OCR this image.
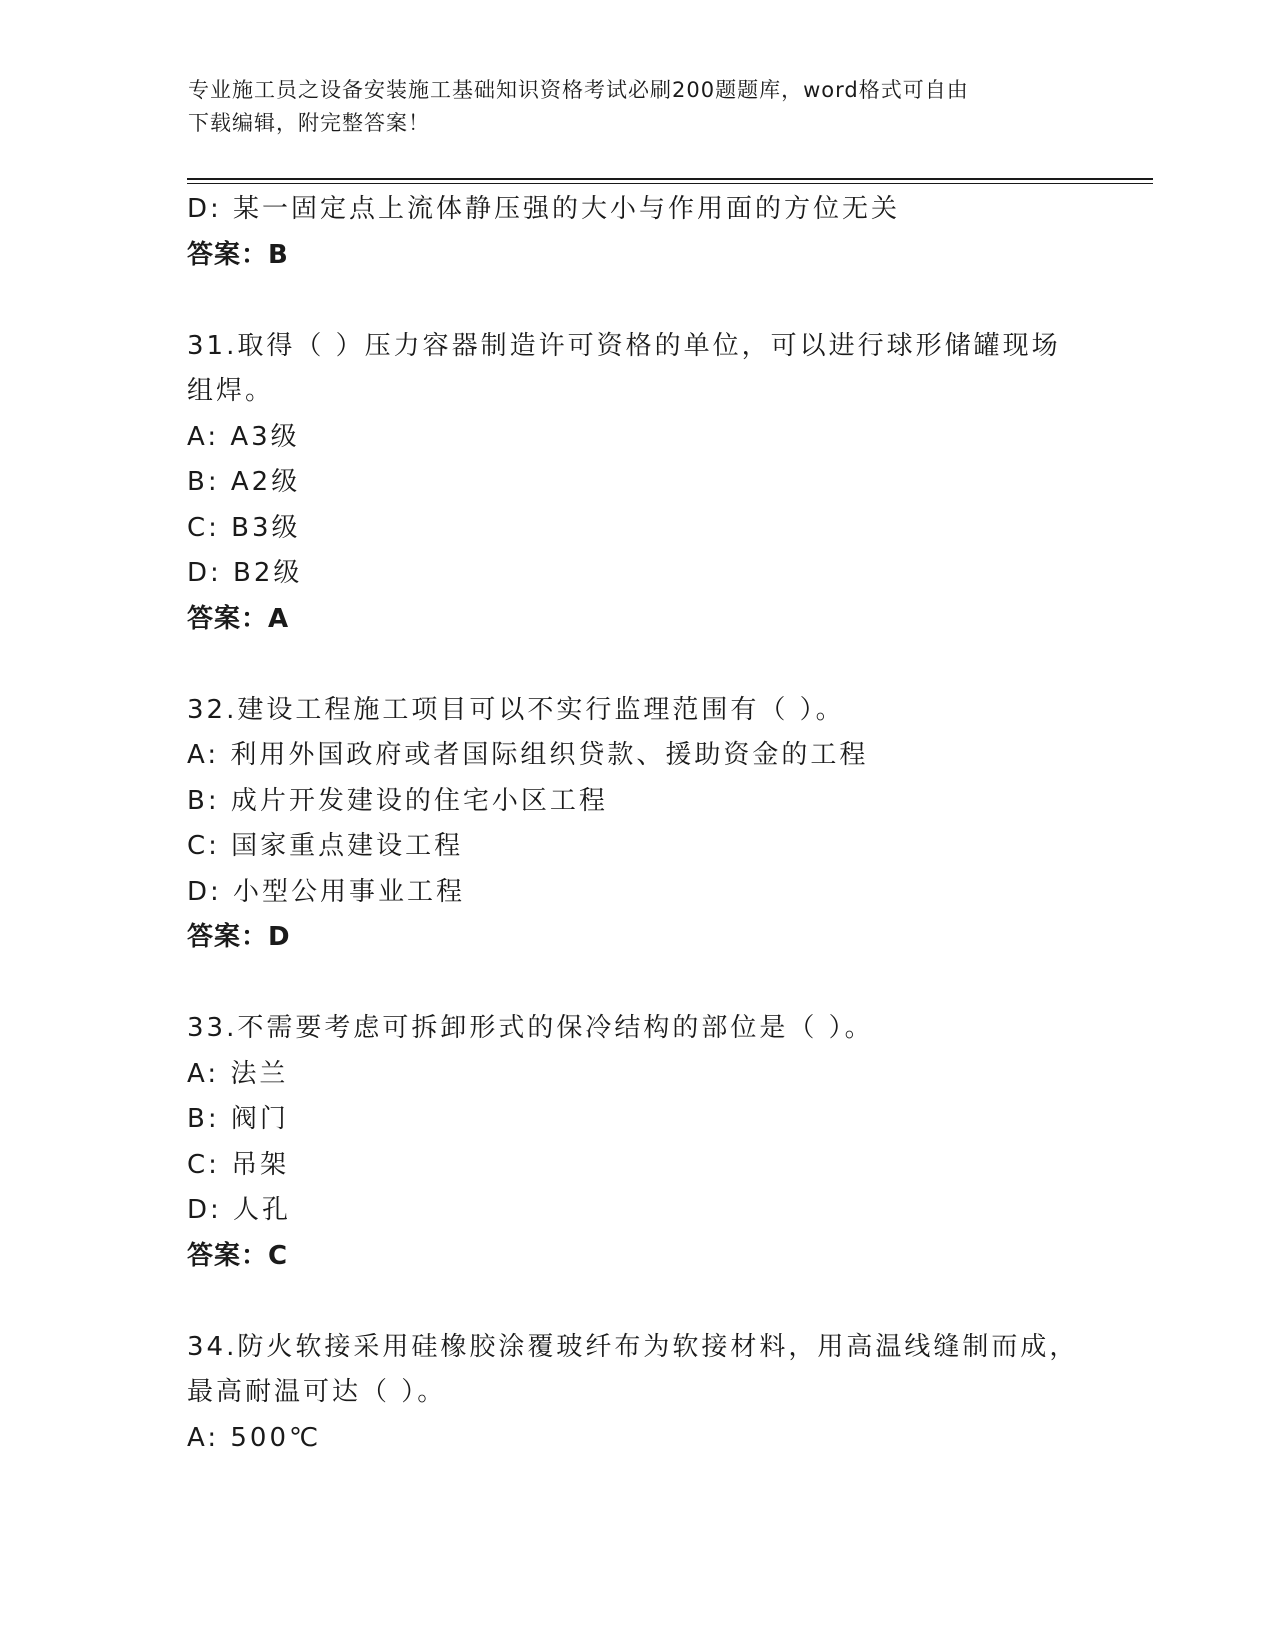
专业施工员之设备安装施工基础知识资格考试必刷200题题库，word格式可自由
下载编辑，附完整答案！
D: 某一固定点上流体静压强的大小与作用面的方位无关
答案：B
31.取得（ ）压力容器制造许可资格的单位，可以进行球形储罐现场
组焊。
A: A3级
B: A2级
C: B3级
D: B2级
答案：A
32.建设工程施工项目可以不实行监理范围有（ ）。
A: 利用外国政府或者国际组织贷款、援助资金的工程
B: 成片开发建设的住宅小区工程
C: 国家重点建设工程
D: 小型公用事业工程
答案：D
33.不需要考虑可拆卸形式的保冷结构的部位是（ ）。
A: 法兰
B: 阀门
C: 吊架
D: 人孔
答案：C
34.防火软接采用硅橡胶涂覆玻纤布为软接材料，用高温线缝制而成，
最高耐温可达（ ）。
A: 500℃
